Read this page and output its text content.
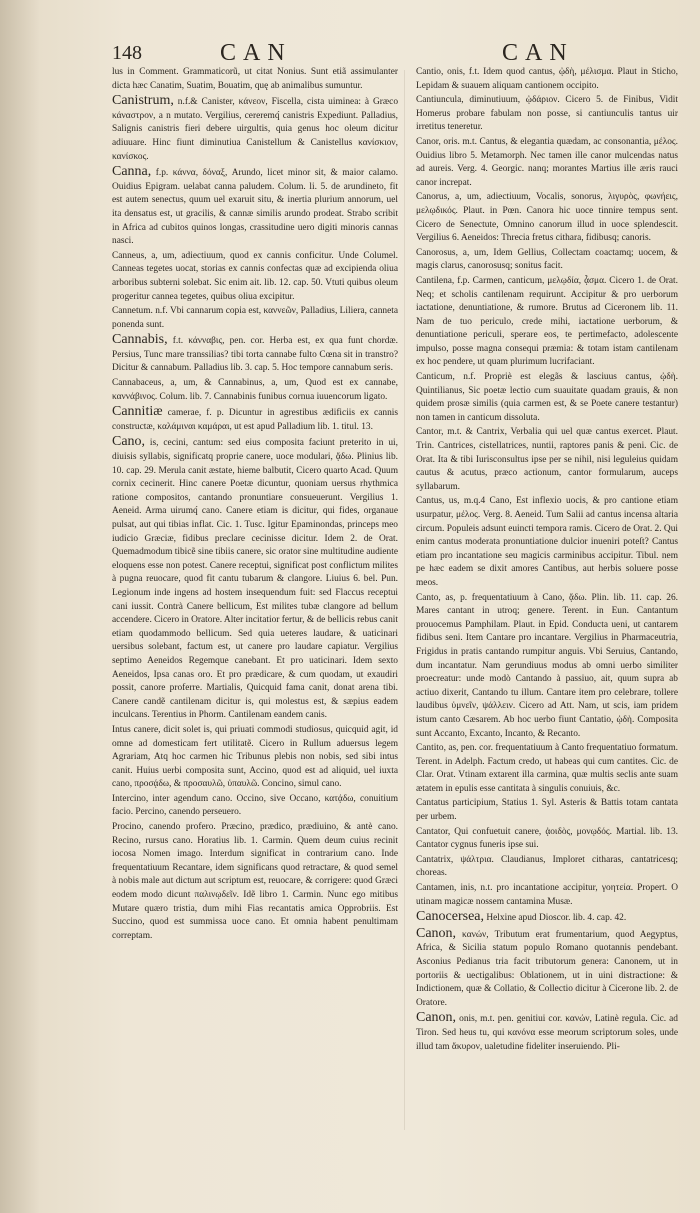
148	CAN	CAN

lus in Comment. Grammaticorũ, ut citat Nonius. Sunt etiã assimulanter dicta hæc Canatim, Suatim, Bouatim, quę ab animalibus sumuntur.

Canistrum, n.f.& Canister, κάνεον, Fiscella, cista uiminea: à Græco κάναστρον, a n mutato. Vergilius, cereremq́ canistris Expediunt. Palladius, Salignis canistris fieri debere uirgultis, quia genus hoc oleum dicitur adiuuare. Hinc fiunt diminutiua Canistellum & Canistellus κανίσκιον, κανίσκος.

Canna, f.p. κάννα, δόναξ, Arundo, licet minor sit, & maior calamo. Ouidius Epigram. uelabat canna paludem. Colum. li. 5. de arundineto, fit est autem senectus, quum uel exaruit situ, & inertia plurium annorum, uel ita densatus est, ut gracilis, & cannæ similis arundo prodeat. Strabo scribit in Africa ad cubitos quinos longas, crassitudine uero digiti minoris cannas nasci.

Canneus, a, um, adiectiuum, quod ex cannis conficitur. Unde Columel. Canneas tegetes uocat, storias ex cannis confectas quæ ad excipienda oliua arboribus subterni solebat. Sic enim ait. lib. 12. cap. 50. Vtuti quibus oleum progeritur cannea tegetes, quibus oliua excipitur.

Cannetum. n.f. Vbi cannarum copia est, καννεῶν, Palladius, Liliera, canneta ponenda sunt.

Cannabis, f.t. κάνναβις, pen. cor. Herba est, ex qua funt chordæ. Persius, Tunc mare transsilias? tibi torta cannabe fulto Cœna sit in transtro? Dicitur & cannabum. Palladius lib. 3. cap. 5. Hoc tempore cannabum seris.

Cannabaceus, a, um, & Cannabinus, a, um, Quod est ex cannabe, καννάβινος. Colum. lib. 7. Cannabinis funibus cornua iuuencorum ligato.

Cannitiæ camerae, f. p. Dicuntur in agrestibus ædificiis ex cannis constructæ, καλάμιναι καμάραι, ut est apud Palladium lib. 1. titul. 13.

Cano, is, cecini, cantum: sed eius composita faciunt preterito in ui, diuisis syllabis, significatq proprie canere, uoce modulari, ᾄδω. Plinius lib. 10. cap. 29. Merula canit æstate, hieme balbutit, Cicero quarto Acad. Quum cornix cecinerit. Hinc canere Poetæ dicuntur, quoniam uersus rhythmica ratione compositos, cantando pronuntiare consueuerunt. Vergilius 1. Aeneid. Arma uirumq́ cano. Canere etiam is dicitur, qui fides, organaue pulsat, aut qui tibias inflat. Cic. 1. Tusc. Igitur Epaminondas, princeps meo iudicio Græciæ, fidibus preclare cecinisse dicitur. Idem 2. de Orat. Quemadmodum tibicẽ sine tibiis canere, sic orator sine multitudine audiente eloquens esse non potest. Canere receptui, significat post conflictum milites à pugna reuocare, quod fit cantu tubarum & clangore. Liuius 6. bel. Pun. Legionum inde ingens ad hostem insequendum fuit: sed Flaccus receptui cani iussit. Contrà Canere bellicum, Est milites tubæ clangore ad bellum accendere. Cicero in Oratore. Alter incitatior fertur, & de bellicis rebus canit etiam quodammodo bellicum. Sed quia ueteres laudare, & uaticinari uersibus solebant, factum est, ut canere pro laudare capiatur. Vergilius septimo Aeneidos Regemque canebant. Et pro uaticinari. Idem sexto Aeneidos, Ipsa canas oro. Et pro prædicare, & cum quodam, ut exaudiri possit, canore proferre. Martialis, Quicquid fama canit, donat arena tibi. Canere candẽ cantilenam dicitur is, qui molestus est, & sæpius eadem inculcans. Terentius in Phorm. Cantilenam eandem canis.

Intus canere, dicit solet is, qui priuati commodi studiosus, quicquid agit, id omne ad domesticam fert utilitatẽ. Cicero in Rullum aduersus legem Agrariam, Atq hoc carmen hic Tribunus plebis non nobis, sed sibi intus canit. Huius uerbi composita sunt, Accino, quod est ad aliquid, uel iuxta cano, προσᾴδω, & προσαυλῶ, ὑπαυλῶ. Concino, simul cano.

Intercino, inter agendum cano. Occino, sive Occano, κατᾴδω, conuitium facio. Percino, canendo perseuero.

Procino, canendo profero. Præcino, prædico, prædiuino, & antè cano. Recino, rursus cano. Horatius lib. 1. Carmin. Quem deum cuius recinit iocosa Nomen imago. Interdum significat in contrarium cano. Inde frequentatiuum Recantare, idem significans quod retractare, & quod semel à nobis male aut dictum aut scriptum est, reuocare, & corrigere: quod Græci eodem modo dicunt παλινῳδεῖν. Idẽ libro 1. Carmin. Nunc ego mitibus Mutare quæro tristia, dum mihi Fias recantatis amica Opprobriis. Est Succino, quod est summissa uoce cano. Et omnia habent penultimam correptam.

Cantio, onis, f.t. Idem quod cantus, ᾠδὴ, μέλισμα. Plaut in Sticho, Lepidam & suauem aliquam cantionem occipito.

Cantiuncula, diminutiuum, ᾠδάριον. Cicero 5. de Finibus, Vidit Homerus probare fabulam non posse, si cantiunculis tantus uir irretitus teneretur.

Canor, oris. m.t. Cantus, & elegantia quædam, ac consonantia, μέλος. Ouidius libro 5. Metamorph. Nec tamen ille canor mulcendas natus ad aureis. Verg. 4. Georgic. nanq; morantes Martius ille æris rauci canor increpat.

Canorus, a, um, adiectiuum, Vocalis, sonorus, λιγυρὸς, φωνήεις, μελῳδικός. Plaut. in Pœn. Canora hic uoce tinnire tempus sent. Cicero de Senectute, Omnino canorum illud in uoce splendescit. Vergilius 6. Aeneidos: Threcia fretus cithara, fidibusq; canoris.

Canorosus, a, um, Idem Gellius, Collectam coactamq; uocem, & magis clarus, canorosusq; sonitus facit.

Cantilena, f.p. Carmen, canticum, μελῳδία, ᾆσμα. Cicero 1. de Orat. Neq; et scholis cantilenam requirunt. Accipitur & pro uerborum iactatione, denuntiatione, & rumore. Brutus ad Ciceronem lib. 11. Nam de tuo periculo, crede mihi, iactatione uerborum, & denuntiatione periculi, sperare eos, te pertimefacto, adolescente impulso, posse magna consequi præmia: & totam istam cantilenam ex hoc pendere, ut quam plurimum lucrifaciant.

Canticum, n.f. Propriè est elegãs & lasciuus cantus, ᾠδὴ. Quintilianus, Sic poetæ lectio cum suauitate quadam grauis, & non quidem prosæ similis (quia carmen est, & se Poete canere testantur) non tamen in canticum dissoluta.

Cantor, m.t. & Cantrix, Verbalia qui uel quæ cantus exercet. Plaut. Trin. Cantrices, cistellatrices, nuntii, raptores panis & peni. Cic. de Orat. Ita & tibi Iurisconsultus ipse per se nihil, nisi leguleius quidam cautus & acutus, præco actionum, cantor formularum, auceps syllabarum.

Cantus, us, m.q.4 Cano, Est inflexio uocis, & pro cantione etiam usurpatur, μέλος. Verg. 8. Aeneid. Tum Salii ad cantus incensa altaria circum. Populeis adsunt euincti tempora ramis. Cicero de Orat. 2. Qui enim cantus moderata pronuntiatione dulcior inueniri poteſt? Cantus etiam pro incantatione seu magicis carminibus accipitur. Tibul. nem pe hæc eadem se dixit amores Cantibus, aut herbis soluere posse meos.

Canto, as, p. frequentatiuum à Cano, ᾄδω. Plin. lib. 11. cap. 26. Mares cantant in utroq; genere. Terent. in Eun. Cantantum prouocemus Pamphilam. Plaut. in Epid. Conducta ueni, ut cantarem fidibus seni. Item Cantare pro incantare. Vergilius in Pharmaceutria, Frigidus in pratis cantando rumpitur anguis. Vbi Seruius, Cantando, dum incantatur. Nam gerundiuus modus ab omni uerbo similiter proecreatur: unde modò Cantando à passiuo, ait, quum supra ab actiuo dixerit, Cantando tu illum. Cantare item pro celebrare, tollere laudibus ὑμνεῖν, ψάλλειν. Cicero ad Att. Nam, ut scis, iam pridem istum canto Cæsarem. Ab hoc uerbo fiunt Cantatio, ᾠδὴ. Composita sunt Accanto, Excanto, Incanto, & Recanto.

Cantito, as, pen. cor. frequentatiuum à Canto frequentatiuo formatum. Terent. in Adelph. Factum credo, ut habeas qui cum cantites. Cic. de Clar. Orat. Vtinam extarent illa carmina, quæ multis seclis ante suam ætatem in epulis esse cantitata à singulis conuiuis, &c.

Cantatus participium, Statius 1. Syl. Asteris & Battis totam cantata per urbem.

Cantator, Qui confuetuit canere, ᾀοιδὸς, μονῳδός. Martial. lib. 13. Cantator cygnus funeris ipse sui.

Cantatrix, ψάλτρια. Claudianus, Imploret citharas, cantatricesq; choreas.

Cantamen, inis, n.t. pro incantatione accipitur, γοητεία. Propert. O utinam magicæ nossem cantamina Musæ.

Canocersea, Helxine apud Dioscor. lib. 4. cap. 42.

Canon, κανών, Tributum erat frumentarium, quod Aegyptus, Africa, & Sicilia statum populo Romano quotannis pendebant. Asconius Pedianus tria facit tributorum genera: Canonem, ut in portoriis & uectigalibus: Oblationem, ut in uini distractione: & Indictionem, quæ & Collatio, & Collectio dicitur à Cicerone lib. 2. de Oratore.

Canon, onis, m.t. pen. genitiui cor. κανών, Latinè regula. Cic. ad Tiron. Sed heus tu, qui κανόνα esse meorum scriptorum soles, unde illud tam ἄκυρον, ualetudine fideliter inseruiendo. Pli-
